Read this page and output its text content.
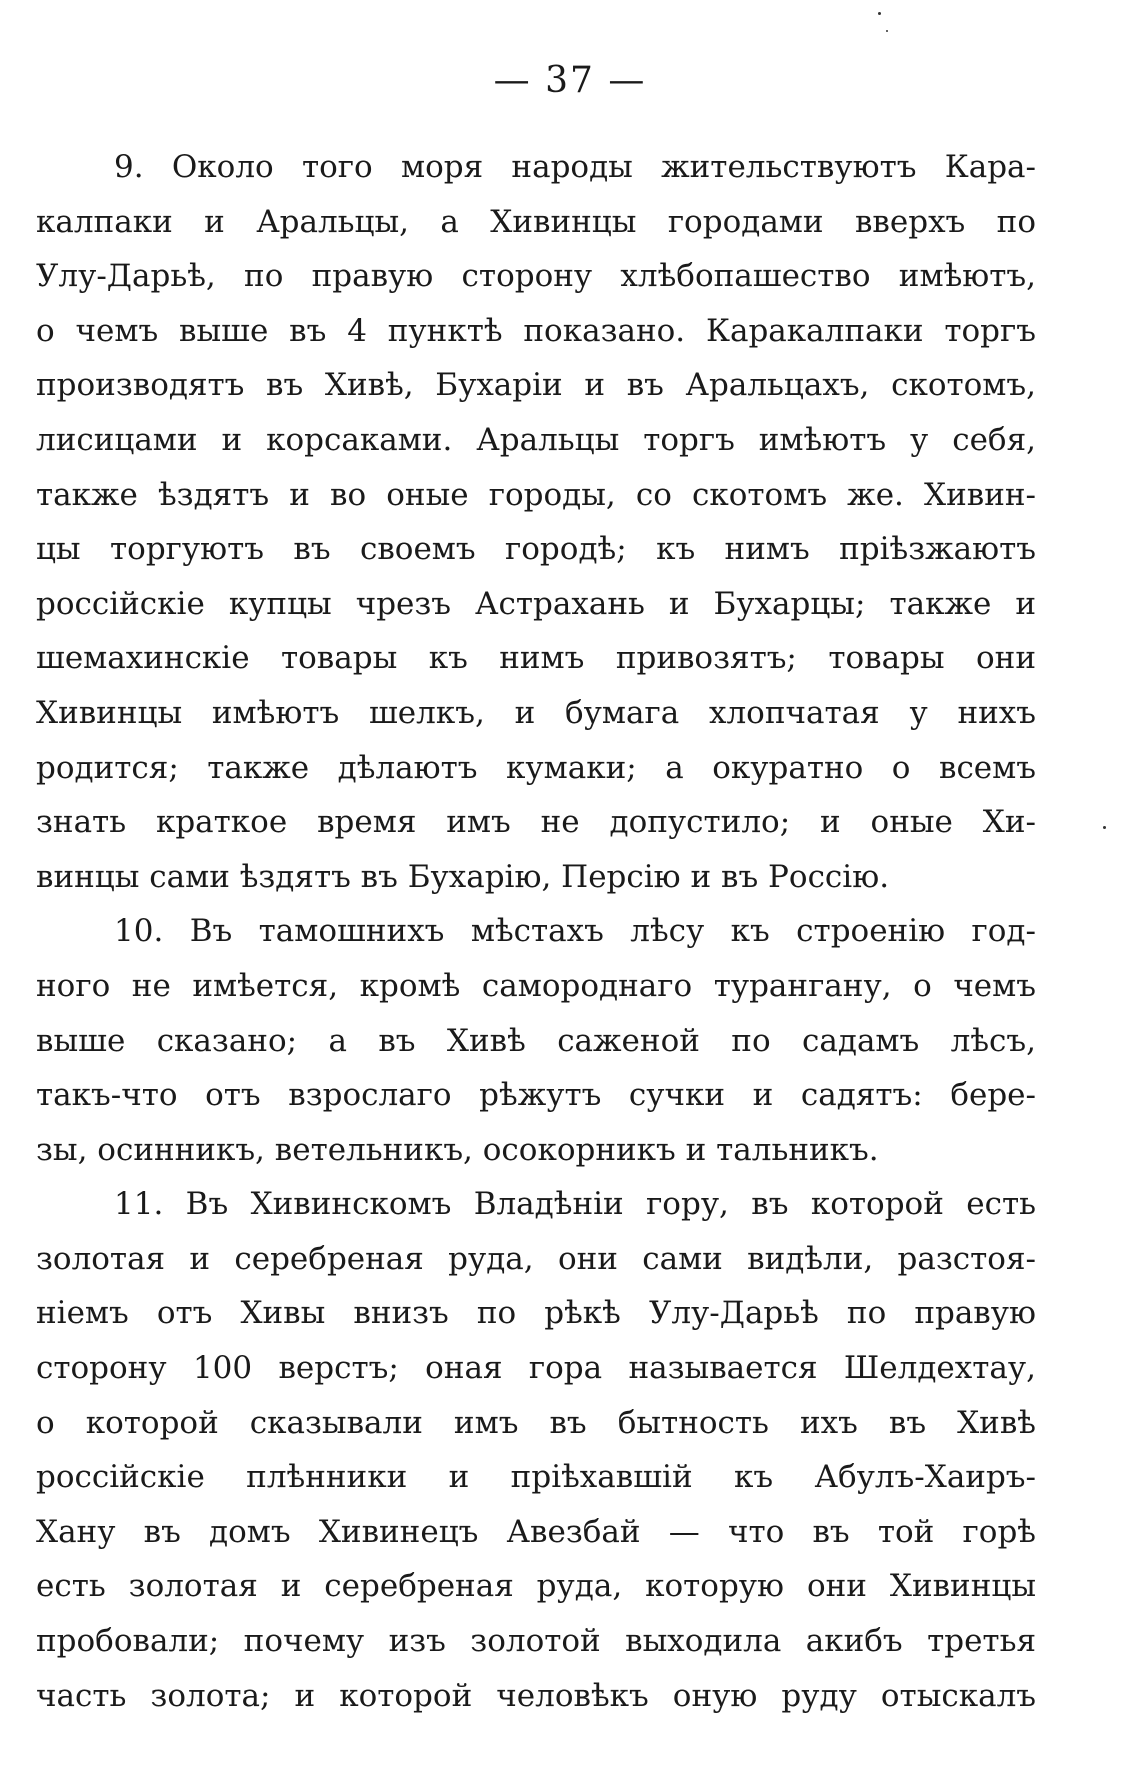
— 37 —
9. Около того моря народы жительствуютъ Кара-
калпаки и Аральцы, а Хивинцы городами вверхъ по
Улу-Дарьѣ, по правую сторону хлѣбопашество имѣютъ,
о чемъ выше въ 4 пунктѣ показано. Каракалпаки торгъ
производятъ въ Хивѣ, Бухаріи и въ Аральцахъ, скотомъ,
лисицами и корсаками. Аральцы торгъ имѣютъ у себя,
также ѣздятъ и во оные городы, со скотомъ же. Хивин-
цы торгуютъ въ своемъ городѣ; къ нимъ пріѣзжаютъ
россійскіе купцы чрезъ Астрахань и Бухарцы; также и
шемахинскіе товары къ нимъ привозятъ; товары они
Хивинцы имѣютъ шелкъ, и бумага хлопчатая у нихъ
родится; также дѣлаютъ кумаки; а окуратно о всемъ
знать краткое время имъ не допустило; и оные Хи-
винцы сами ѣздятъ въ Бухарію, Персію и въ Россію.
10. Въ тамошнихъ мѣстахъ лѣсу къ строенію год-
ного не имѣется, кромѣ самороднаго турангану, о чемъ
выше сказано; а въ Хивѣ саженой по садамъ лѣсъ,
такъ-что отъ взрослаго рѣжутъ сучки и садятъ: бере-
зы, осинникъ, ветельникъ, осокорникъ и тальникъ.
11. Въ Хивинскомъ Владѣніи гору, въ которой есть
золотая и серебреная руда, они сами видѣли, разстоя-
ніемъ отъ Хивы внизъ по рѣкѣ Улу-Дарьѣ по правую
сторону 100 верстъ; оная гора называется Шелдехтау,
о которой сказывали имъ въ бытность ихъ въ Хивѣ
россійскіе плѣнники и пріѣхавшій къ Абулъ-Хаиръ-
Хану въ домъ Хивинецъ Авезбай — что въ той горѣ
есть золотая и серебреная руда, которую они Хивинцы
пробовали; почему изъ золотой выходила акибъ третья
часть золота; и которой человѣкъ оную руду отыскалъ
